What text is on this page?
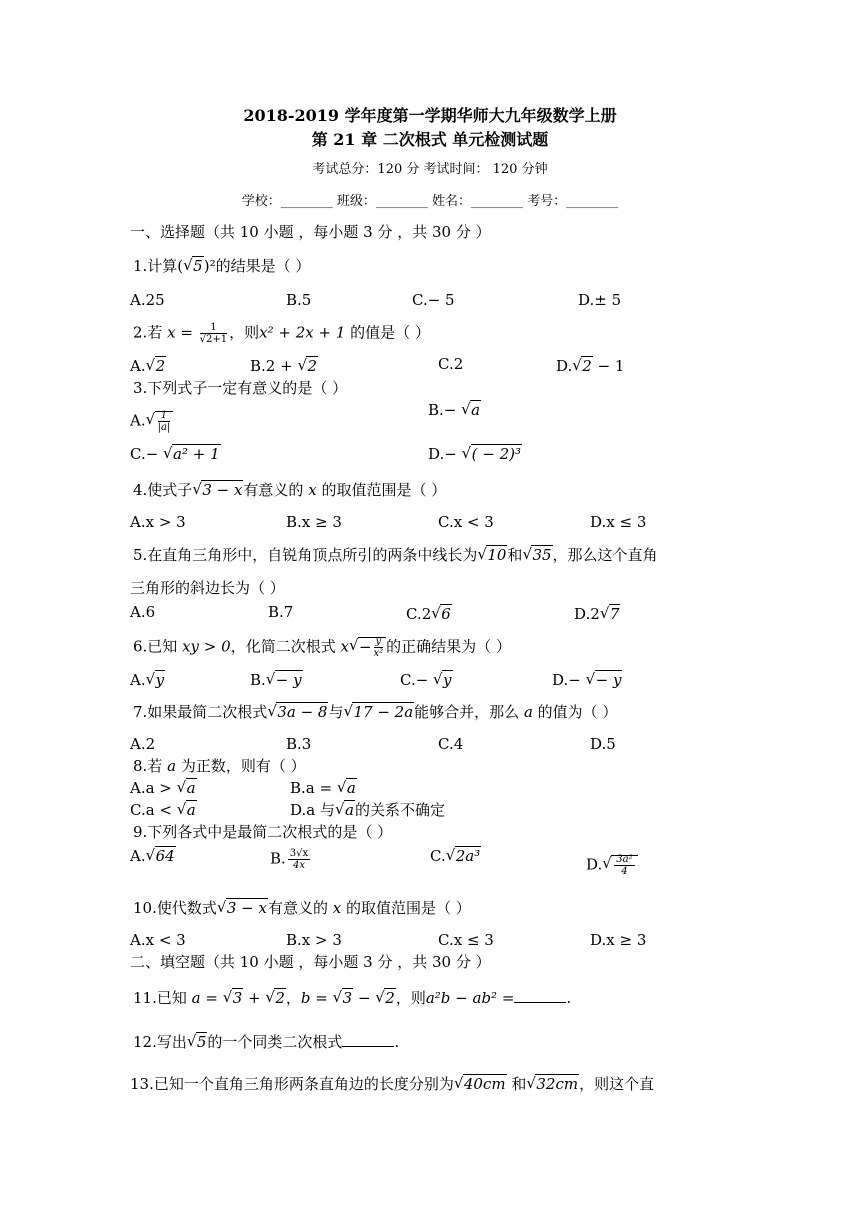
2018-2019 学年度第一学期华师大九年级数学上册
第 21 章 二次根式 单元检测试题
考试总分：120 分 考试时间： 120 分钟
学校：________ 班级：________ 姓名：________ 考号：________
一、选择题（共 10 小题 ，每小题 3 分 ，共 30 分 ）
1.计算(√ 5)²的结果是（ ）
A.25	B.5	C.− 5	D.± 5
2.若 $x = \frac{1}{√2+1}$ ，则x² + 2x + 1 的值是（ ）
A.√ 2	B.2 + √ 2	C.2	D.√ 2 − 1
3.下列式子一定有意义的是（ ）
A.
√ $\frac{1}{|a|}$	B.− √ a
C.− √ a² + 1	D.− √ ( − 2)³
4.使式子√ 3 − x有意义的 x 的取值范围是（ ）
A.x > 3	B.x ≥ 3	C.x < 3	D.x ≤ 3
5.在直角三角形中，自锐角顶点所引的两条中线长为√ 10和√ 35，那么这个直角
三角形的斜边长为（ ）
A.6	B.7	C.2√ 6	D.2√ 7
6.已知 xy > 0，化简二次根式 $x√ - \frac{y}{\text{x²}}$ 的正确结果为（ ）
A.√ y	B.√ − y	C.− √ y	D.− √ − y
7.如果最简二次根式√ 3a − 8与√ 17 − 2a能够合并，那么 a 的值为（ ）
A.2	B.3	C.4	D.5
8.若 a 为正数，则有（ ）
A.a > √ a	B.a = √ a
C.a < √ a	D.a 与√ a的关系不确定
9.下列各式中是最简二次根式的是（ ）
A.√ 64	B. $\frac{3√x}{4x}$	C.√ 2a³	D.
√ $\frac{\text{3a²}}{4}$
10.使代数式√ 3 − x有意义的 x 的取值范围是（ ）
A.x < 3	B.x > 3	C.x ≤ 3	D.x ≥ 3
二、填空题（共 10 小题 ，每小题 3 分 ，共 30 分 ）
11.已知 a = √ 3 + √ 2，b = √ 3 − √ 2，则a²b − ab² =	.
12.写出√ 5的一个同类二次根式	.
13.已知一个直角三角形两条直角边的长度分别为√ 40cm 和√ 32cm，则这个直
